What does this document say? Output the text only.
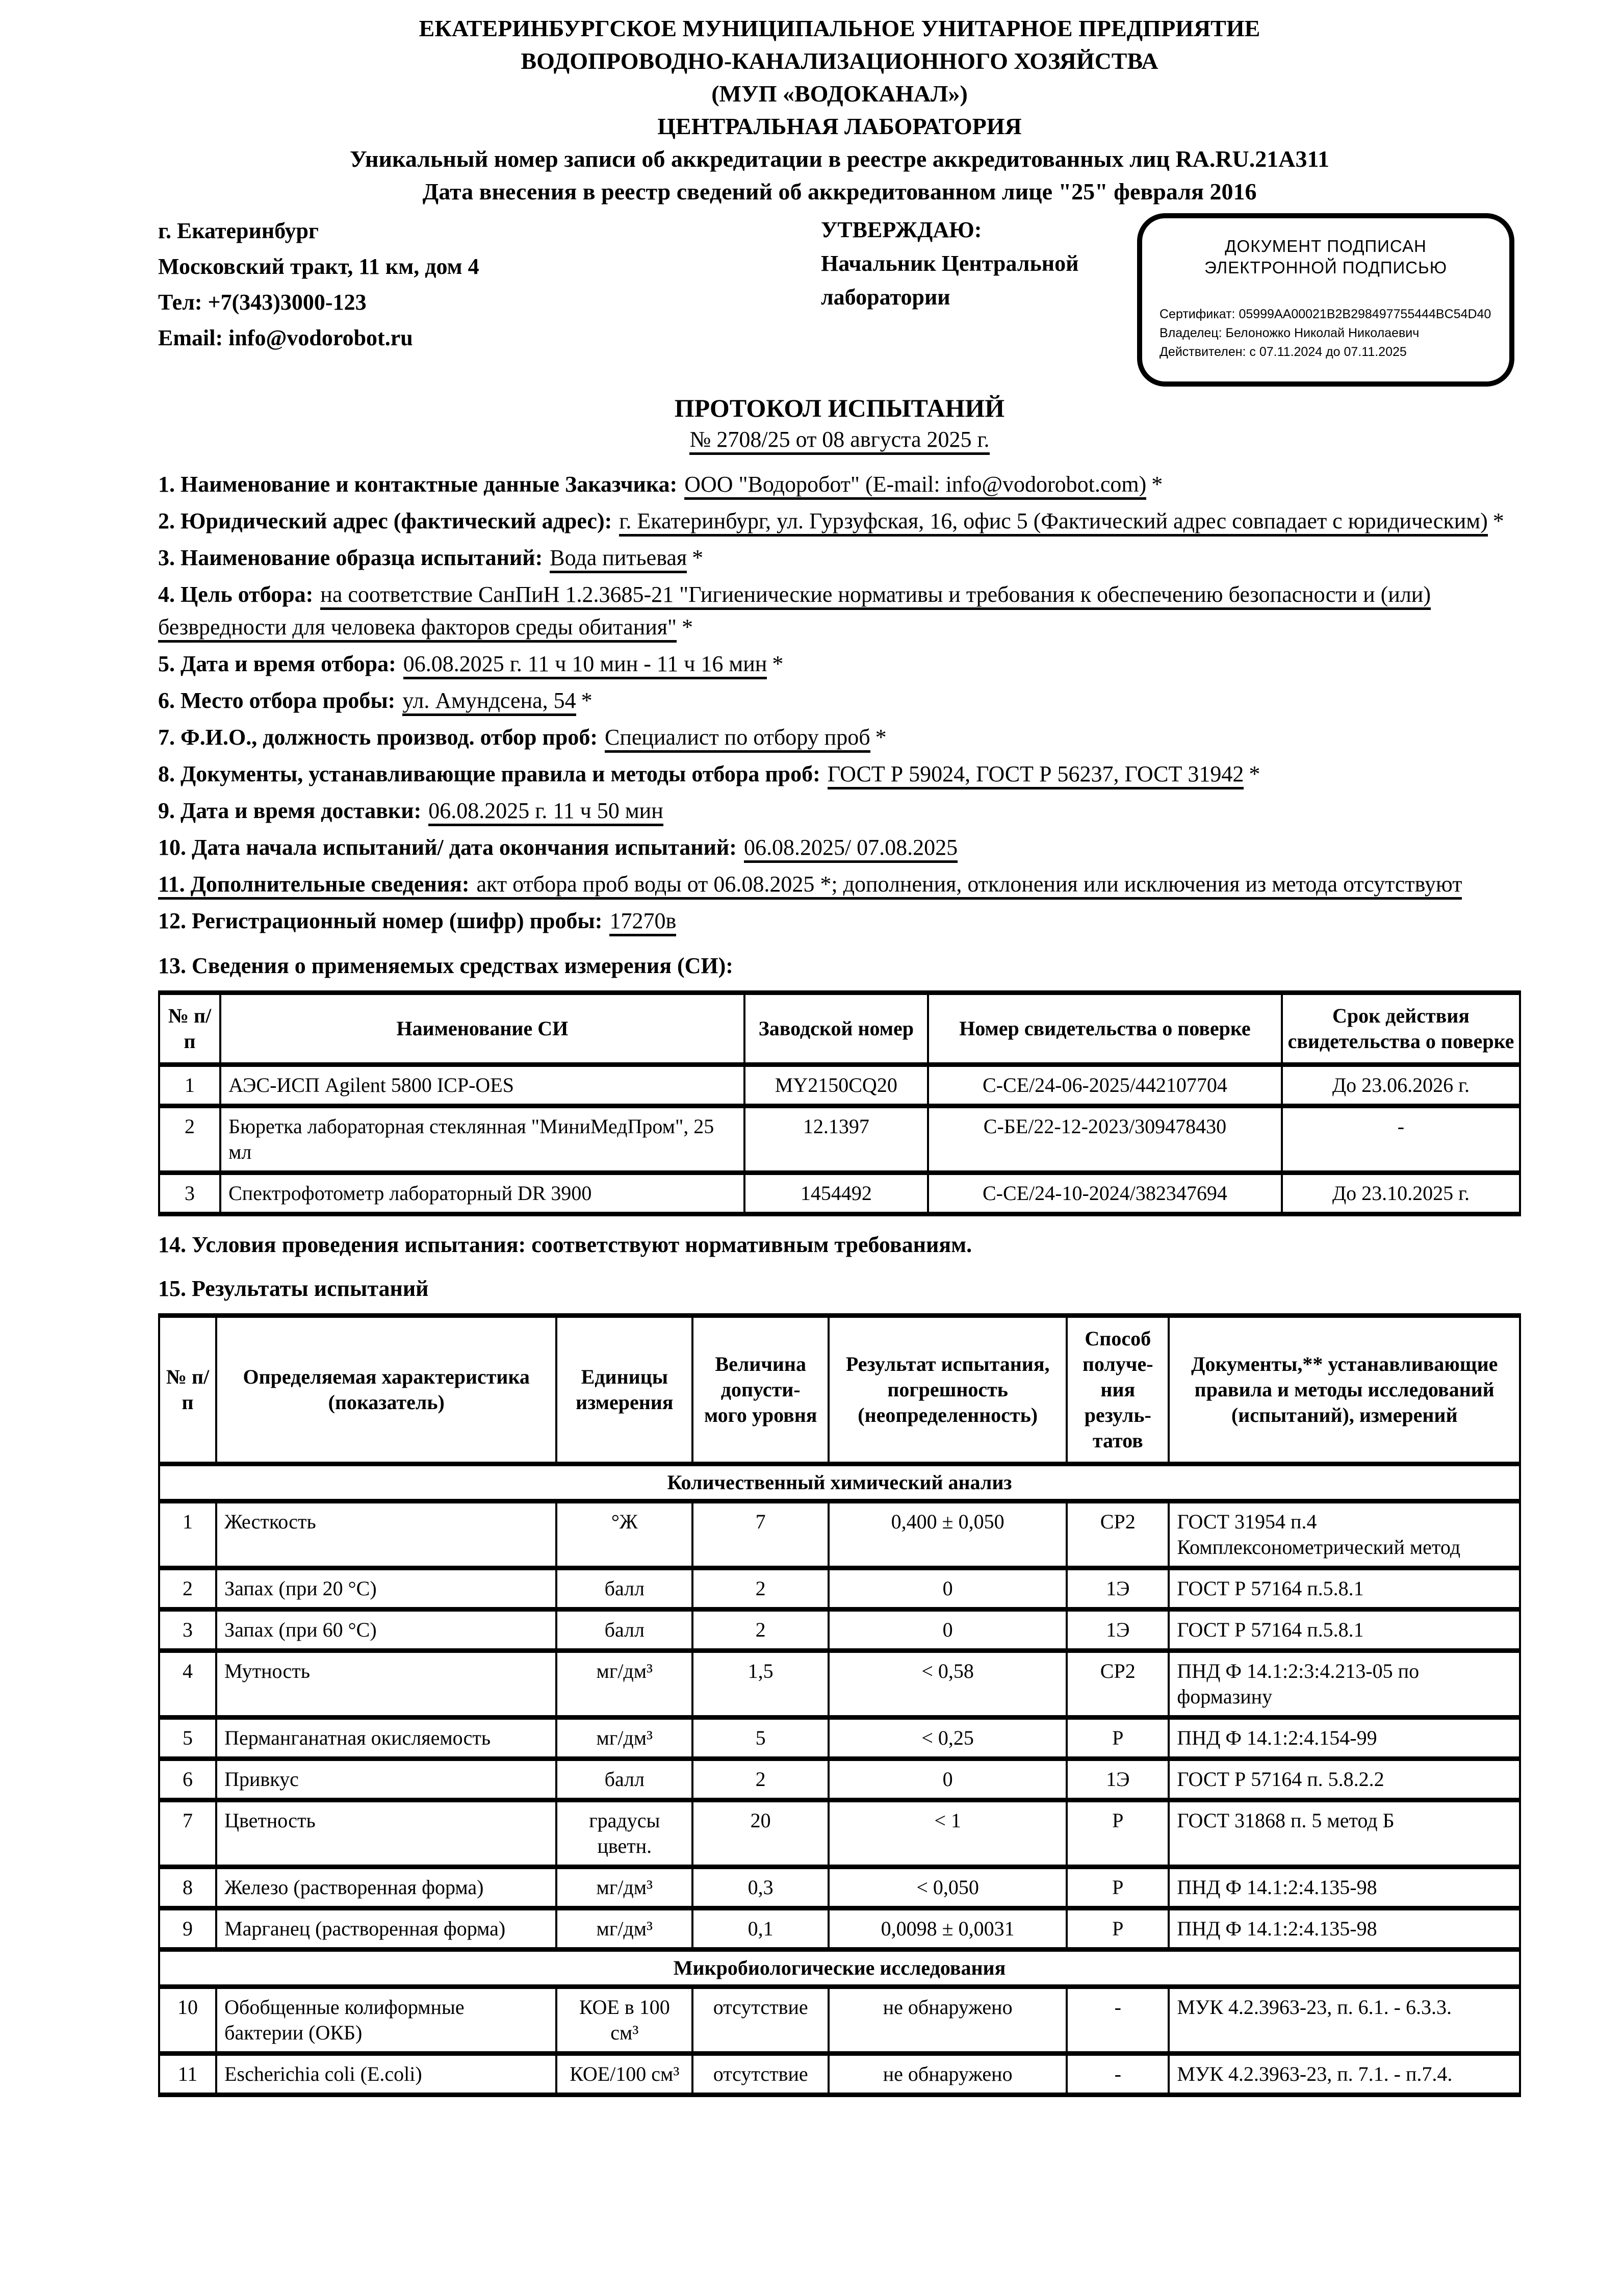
ЕКАТЕРИНБУРГСКОЕ МУНИЦИПАЛЬНОЕ УНИТАРНОЕ ПРЕДПРИЯТИЕ
ВОДОПРОВОДНО-КАНАЛИЗАЦИОННОГО ХОЗЯЙСТВА
(МУП «ВОДОКАНАЛ»)
ЦЕНТРАЛЬНАЯ ЛАБОРАТОРИЯ
Уникальный номер записи об аккредитации в реестре аккредитованных лиц RA.RU.21А311
Дата внесения в реестр сведений об аккредитованном лице "25" февраля 2016
г. Екатеринбург
Московский тракт, 11 км, дом 4
Тел: +7(343)3000-123
Email: info@vodorobot.ru
УТВЕРЖДАЮ:
Начальник Центральной лаборатории
ДОКУМЕНТ ПОДПИСАН ЭЛЕКТРОННОЙ ПОДПИСЬЮ
Сертификат: 05999AA00021B2B298497755444BC54D40
Владелец: Белоножко Николай Николаевич
Действителен: с 07.11.2024 до 07.11.2025
ПРОТОКОЛ ИСПЫТАНИЙ
№ 2708/25 от 08 августа 2025 г.

1. Наименование и контактные данные Заказчика: ООО "Водоробот" (E-mail: info@vodorobot.com) *

2. Юридический адрес (фактический адрес): г. Екатеринбург, ул. Гурзуфская, 16, офис 5 (Фактический адрес совпадает с юридическим) *

3. Наименование образца испытаний: Вода питьевая *

4. Цель отбора: на соответствие СанПиН 1.2.3685-21 "Гигиенические нормативы и требования к обеспечению безопасности и (или) безвредности для человека факторов среды обитания" *

5. Дата и время отбора: 06.08.2025 г. 11 ч 10 мин - 11 ч 16 мин *

6. Место отбора пробы: ул. Амундсена, 54 *

7. Ф.И.О., должность производ. отбор проб: Специалист по отбору проб *

8. Документы, устанавливающие правила и методы отбора проб: ГОСТ Р 59024, ГОСТ Р 56237, ГОСТ 31942 *

9. Дата и время доставки: 06.08.2025 г. 11 ч 50 мин

10. Дата начала испытаний/ дата окончания испытаний: 06.08.2025/ 07.08.2025

11. Дополнительные сведения: акт отбора проб воды от 06.08.2025 *; дополнения, отклонения или исключения из метода отсутствуют

12. Регистрационный номер (шифр) пробы: 17270в

13. Сведения о применяемых средствах измерения (СИ):

№ п/п	Наименование СИ	Заводской номер	Номер свидетельства о поверке	Срок действия свидетельства о поверке
1	АЭС-ИСП Agilent 5800 ICP-OES	MY2150CQ20	С-СЕ/24-06-2025/442107704	До 23.06.2026 г.
2	Бюретка лабораторная стеклянная "МиниМедПром", 25 мл	12.1397	С-БЕ/22-12-2023/309478430	-
3	Спектрофотометр лабораторный DR 3900	1454492	С-СЕ/24-10-2024/382347694	До 23.10.2025 г.

14. Условия проведения испытания: соответствуют нормативным требованиям.

15. Результаты испытаний

№ п/п	Определяемая характеристика (показатель)	Единицы измерения	Величина допусти- мого уровня	Результат испытания, погрешность (неопределенность)	Способ получе- ния резуль- татов	Документы,** устанавливающие правила и методы исследований (испытаний), измерений
Количественный химический анализ						
1	Жесткость	°Ж	7	0,400 ± 0,050	СР2	ГОСТ 31954 п.4 Комплексонометрический метод
2	Запах (при 20 °С)	балл	2	0	1Э	ГОСТ Р 57164 п.5.8.1
3	Запах (при 60 °С)	балл	2	0	1Э	ГОСТ Р 57164 п.5.8.1
4	Мутность	мг/дм³	1,5	< 0,58	СР2	ПНД Ф 14.1:2:3:4.213-05 по формазину
5	Перманганатная окисляемость	мг/дм³	5	< 0,25	Р	ПНД Ф 14.1:2:4.154-99
6	Привкус	балл	2	0	1Э	ГОСТ Р 57164 п. 5.8.2.2
7	Цветность	градусы цветн.	20	< 1	Р	ГОСТ 31868 п. 5 метод Б
8	Железо (растворенная форма)	мг/дм³	0,3	< 0,050	Р	ПНД Ф 14.1:2:4.135-98
9	Марганец (растворенная форма)	мг/дм³	0,1	0,0098 ± 0,0031	Р	ПНД Ф 14.1:2:4.135-98
Микробиологические исследования						
10	Обобщенные колиформные бактерии (ОКБ)	КОЕ в 100 см³	отсутствие	не обнаружено	-	МУК 4.2.3963-23, п. 6.1. - 6.3.3.
11	Escherichia coli (E.coli)	КОЕ/100 см³	отсутствие	не обнаружено	-	МУК 4.2.3963-23, п. 7.1. - п.7.4.
